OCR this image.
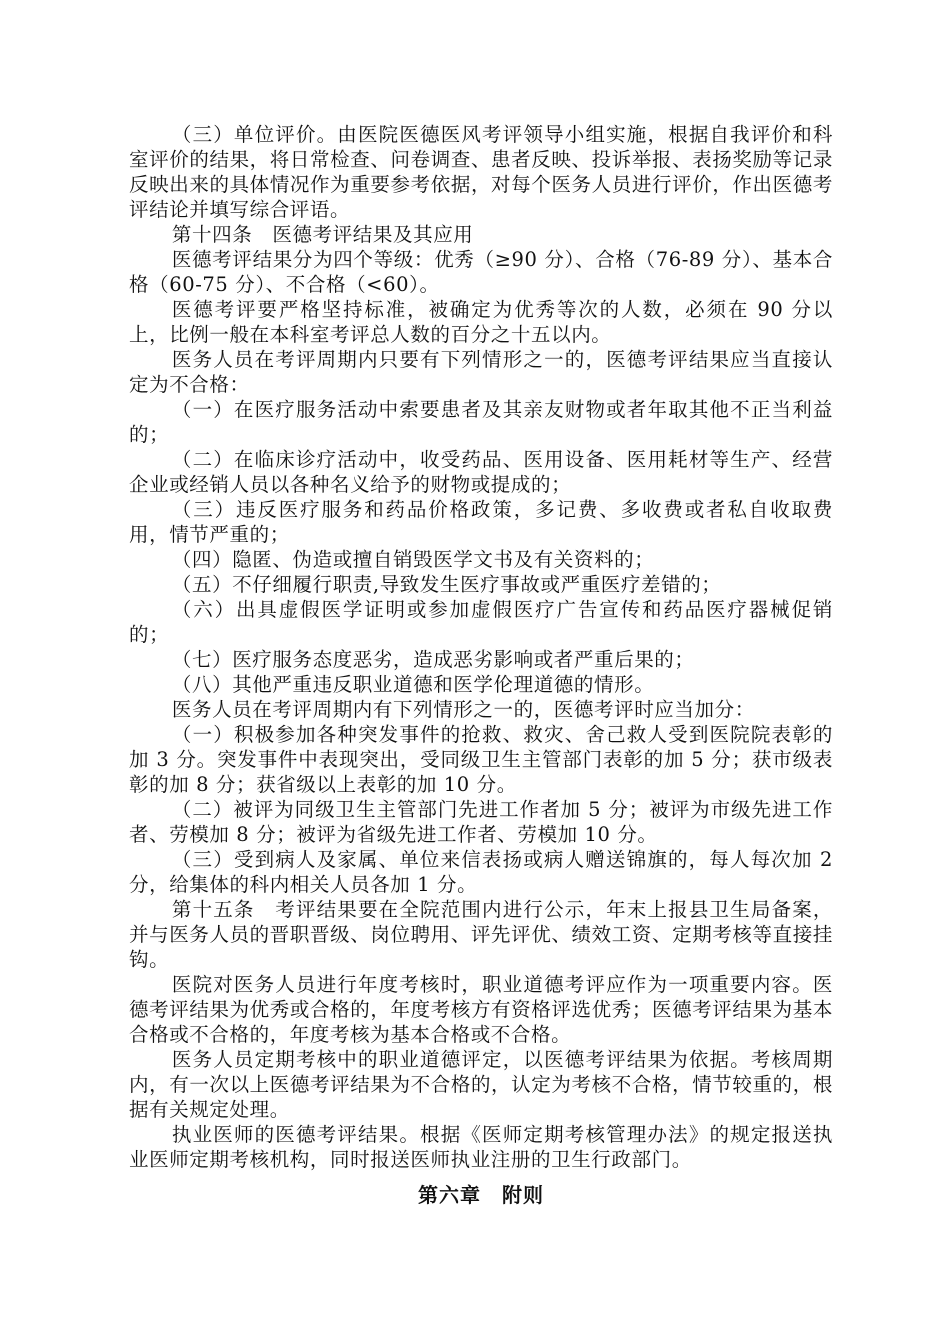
（三）单位评价。由医院医德医风考评领导小组实施，根据自我评价和科室评价的结果，将日常检查、问卷调查、患者反映、投诉举报、表扬奖励等记录反映出来的具体情况作为重要参考依据，对每个医务人员进行评价，作出医德考评结论并填写综合评语。

第十四条　医德考评结果及其应用

医德考评结果分为四个等级：优秀（≥90 分）、合格（76-89 分）、基本合格（60-75 分）、不合格（<60）。

医德考评要严格坚持标准，被确定为优秀等次的人数，必须在 90 分以上，比例一般在本科室考评总人数的百分之十五以内。

医务人员在考评周期内只要有下列情形之一的，医德考评结果应当直接认定为不合格：

（一）在医疗服务活动中索要患者及其亲友财物或者年取其他不正当利益的；

（二）在临床诊疗活动中，收受药品、医用设备、医用耗材等生产、经营企业或经销人员以各种名义给予的财物或提成的；

（三）违反医疗服务和药品价格政策，多记费、多收费或者私自收取费用，情节严重的；

（四）隐匿、伪造或擅自销毁医学文书及有关资料的；

（五）不仔细履行职责,导致发生医疗事故或严重医疗差错的；

（六）出具虚假医学证明或参加虚假医疗广告宣传和药品医疗器械促销的；

（七）医疗服务态度恶劣，造成恶劣影响或者严重后果的；

（八）其他严重违反职业道德和医学伦理道德的情形。

医务人员在考评周期内有下列情形之一的，医德考评时应当加分：

（一）积极参加各种突发事件的抢救、救灾、舍己救人受到医院院表彰的加 3 分。突发事件中表现突出，受同级卫生主管部门表彰的加 5 分；获市级表彰的加 8 分；获省级以上表彰的加 10 分。

（二）被评为同级卫生主管部门先进工作者加 5 分；被评为市级先进工作者、劳模加 8 分；被评为省级先进工作者、劳模加 10 分。

（三）受到病人及家属、单位来信表扬或病人赠送锦旗的，每人每次加 2 分，给集体的科内相关人员各加 1 分。

第十五条　考评结果要在全院范围内进行公示，年末上报县卫生局备案，并与医务人员的晋职晋级、岗位聘用、评先评优、绩效工资、定期考核等直接挂钩。

医院对医务人员进行年度考核时，职业道德考评应作为一项重要内容。医德考评结果为优秀或合格的，年度考核方有资格评选优秀；医德考评结果为基本合格或不合格的，年度考核为基本合格或不合格。

医务人员定期考核中的职业道德评定，以医德考评结果为依据。考核周期内，有一次以上医德考评结果为不合格的，认定为考核不合格，情节较重的，根据有关规定处理。

执业医师的医德考评结果。根据《医师定期考核管理办法》的规定报送执业医师定期考核机构，同时报送医师执业注册的卫生行政部门。

第六章　附则
